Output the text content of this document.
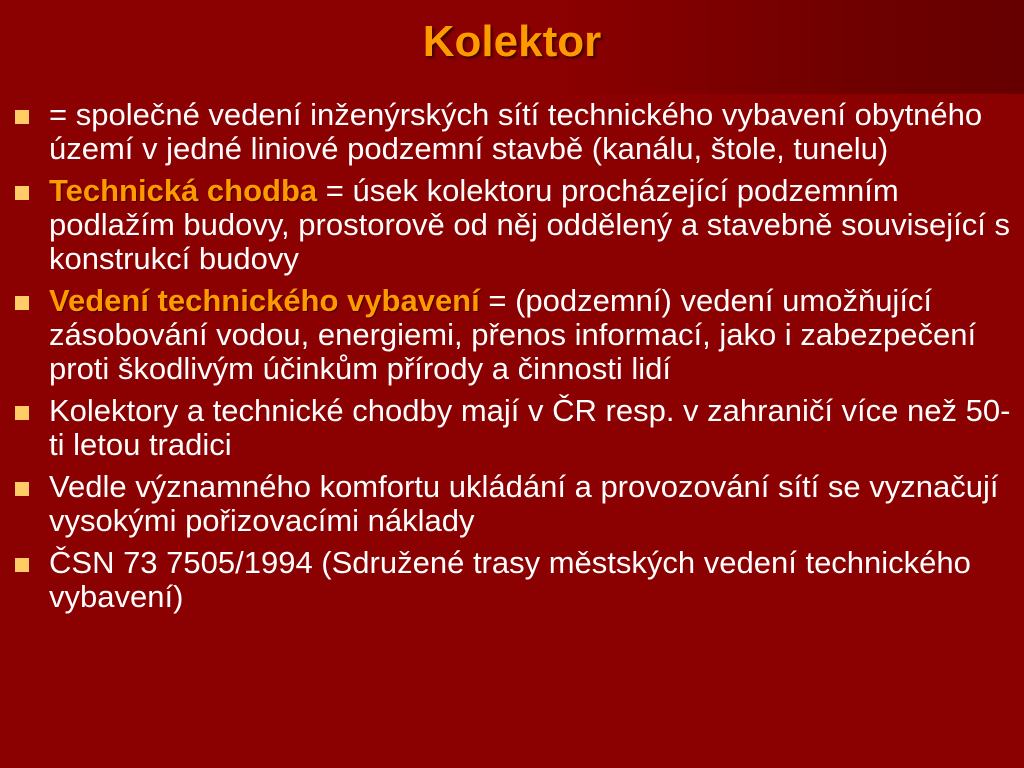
Kolektor
= společné vedení inženýrských sítí technického vybavení obytného území v jedné liniové podzemní stavbě (kanálu, štole, tunelu)
Technická chodba = úsek kolektoru procházející podzemním podlažím budovy, prostorově od něj oddělený a stavebně související s konstrukcí budovy
Vedení technického vybavení = (podzemní) vedení umožňující zásobování vodou, energiemi, přenos informací, jako i zabezpečení proti škodlivým účinkům přírody a činnosti lidí
Kolektory a technické chodby mají v ČR resp. v zahraničí více než 50-ti letou tradici
Vedle významného komfortu ukládání a provozování sítí se vyznačují vysokými pořizovacími náklady
ČSN 73 7505/1994 (Sdružené trasy městských vedení technického vybavení)
